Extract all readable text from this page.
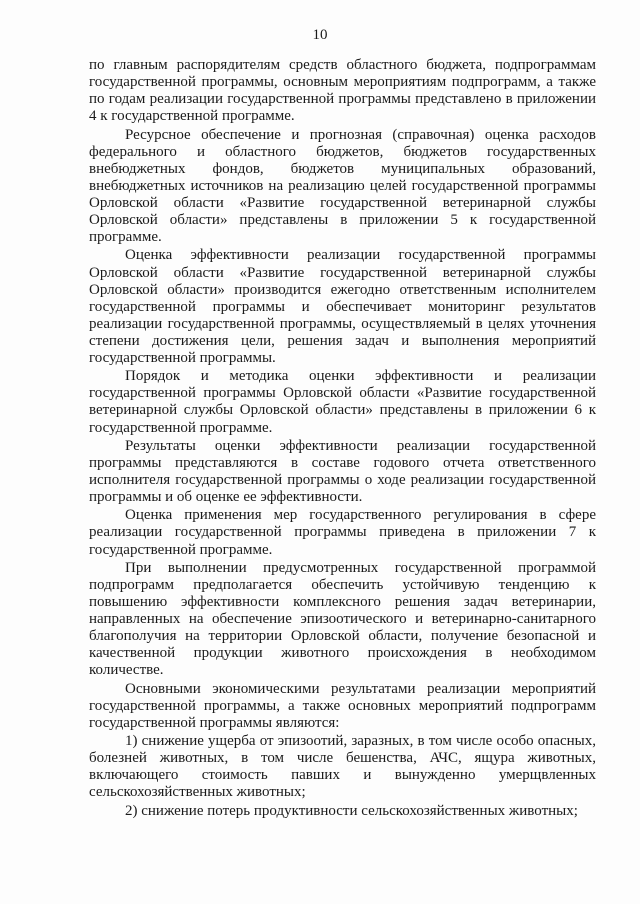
10

по главным распорядителям средств областного бюджета, подпрограммам государственной программы, основным мероприятиям подпрограмм, а также по годам реализации государственной программы представлено в приложении 4 к государственной программе.

Ресурсное обеспечение и прогнозная (справочная) оценка расходов федерального и областного бюджетов, бюджетов государственных внебюджетных фондов, бюджетов муниципальных образований, внебюджетных источников на реализацию целей государственной программы Орловской области «Развитие государственной ветеринарной службы Орловской области» представлены в приложении 5 к государственной программе.

Оценка эффективности реализации государственной программы Орловской области «Развитие государственной ветеринарной службы Орловской области» производится ежегодно ответственным исполнителем государственной программы и обеспечивает мониторинг результатов реализации государственной программы, осуществляемый в целях уточнения степени достижения цели, решения задач и выполнения мероприятий государственной программы.

Порядок и методика оценки эффективности и реализации государственной программы Орловской области «Развитие государственной ветеринарной службы Орловской области» представлены в приложении 6 к государственной программе.

Результаты оценки эффективности реализации государственной программы представляются в составе годового отчета ответственного исполнителя государственной программы о ходе реализации государственной программы и об оценке ее эффективности.

Оценка применения мер государственного регулирования в сфере реализации государственной программы приведена в приложении 7 к государственной программе.

При выполнении предусмотренных государственной программой подпрограмм предполагается обеспечить устойчивую тенденцию к повышению эффективности комплексного решения задач ветеринарии, направленных на обеспечение эпизоотического и ветеринарно-санитарного благополучия на территории Орловской области, получение безопасной и качественной продукции животного происхождения в необходимом количестве.

Основными экономическими результатами реализации мероприятий государственной программы, а также основных мероприятий подпрограмм государственной программы являются:

1) снижение ущерба от эпизоотий, заразных, в том числе особо опасных, болезней животных, в том числе бешенства, АЧС, ящура животных, включающего стоимость павших и вынужденно умерщвленных сельскохозяйственных животных;

2) снижение потерь продуктивности сельскохозяйственных животных;
